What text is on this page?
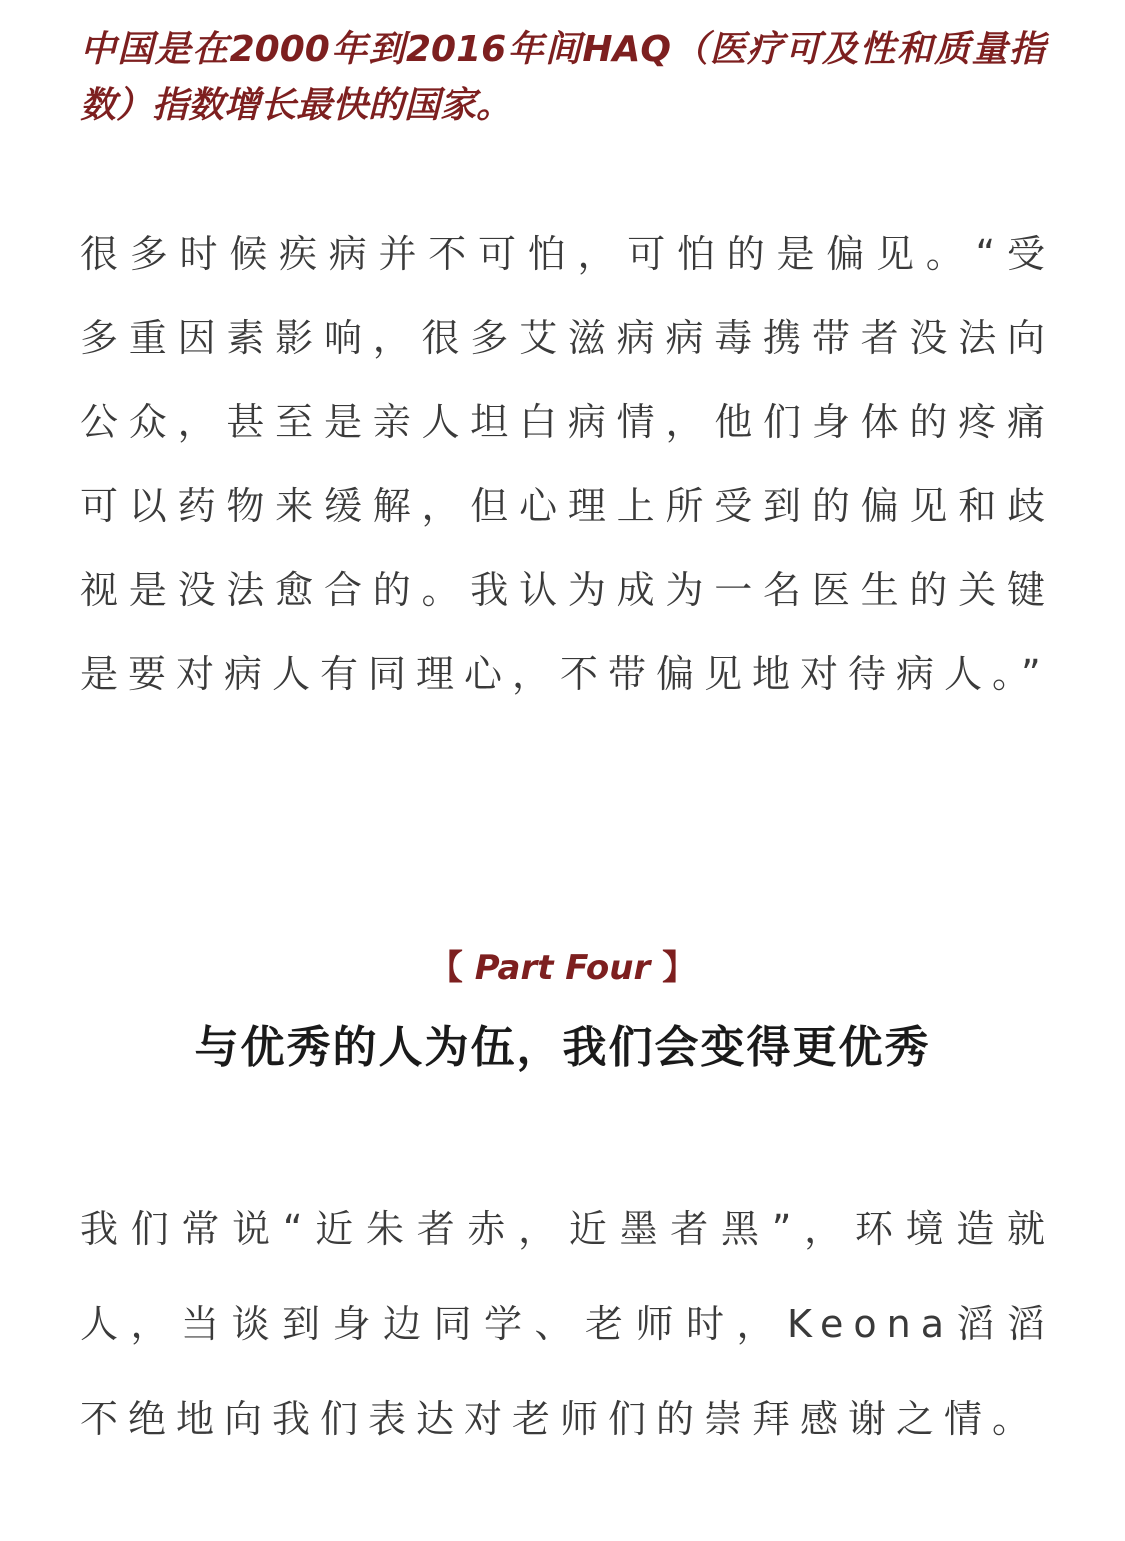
中国是在2000年到2016年间HAQ（医疗可及性和质量指数）指数增长最快的国家。

很多时候疾病并不可怕，可怕的是偏见。“受多重因素影响，很多艾滋病病毒携带者没法向公众，甚至是亲人坦白病情，他们身体的疼痛可以药物来缓解，但心理上所受到的偏见和歧视是没法愈合的。我认为成为一名医生的关键是要对病人有同理心，不带偏见地对待病人。”

【 Part Four 】
与优秀的人为伍，我们会变得更优秀

我们常说“近朱者赤，近墨者黑”，环境造就人，当谈到身边同学、老师时，Keona滔滔不绝地向我们表达对老师们的崇拜感谢之情。
